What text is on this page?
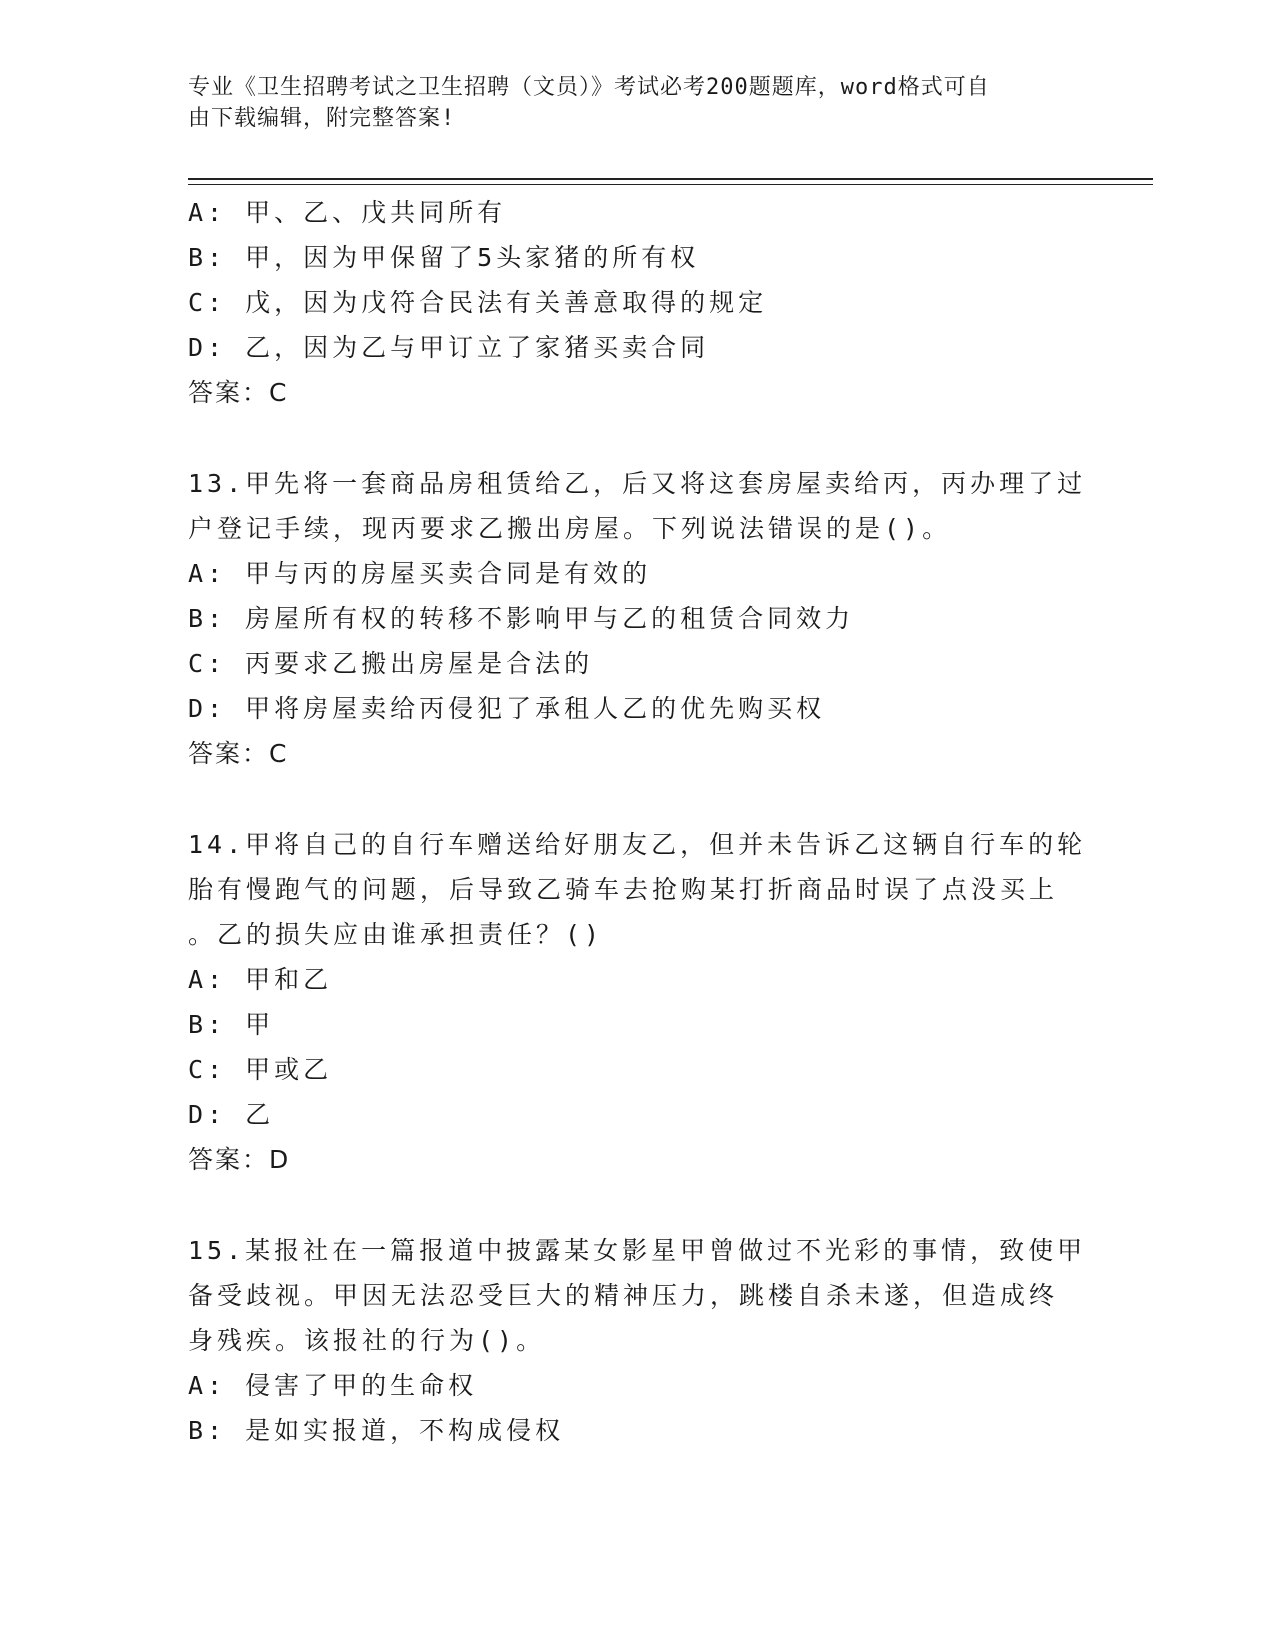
专业《卫生招聘考试之卫生招聘（文员）》考试必考200题题库，word格式可自
由下载编辑，附完整答案!
A: 甲、乙、戊共同所有
B: 甲，因为甲保留了5头家猪的所有权
C: 戊，因为戊符合民法有关善意取得的规定
D: 乙，因为乙与甲订立了家猪买卖合同
答案：C
13.甲先将一套商品房租赁给乙，后又将这套房屋卖给丙，丙办理了过
户登记手续，现丙要求乙搬出房屋。下列说法错误的是()。
A: 甲与丙的房屋买卖合同是有效的
B: 房屋所有权的转移不影响甲与乙的租赁合同效力
C: 丙要求乙搬出房屋是合法的
D: 甲将房屋卖给丙侵犯了承租人乙的优先购买权
答案：C
14.甲将自己的自行车赠送给好朋友乙，但并未告诉乙这辆自行车的轮
胎有慢跑气的问题，后导致乙骑车去抢购某打折商品时误了点没买上
。乙的损失应由谁承担责任？()
A: 甲和乙
B: 甲
C: 甲或乙
D: 乙
答案：D
15.某报社在一篇报道中披露某女影星甲曾做过不光彩的事情，致使甲
备受歧视。甲因无法忍受巨大的精神压力，跳楼自杀未遂，但造成终
身残疾。该报社的行为()。
A: 侵害了甲的生命权
B: 是如实报道，不构成侵权
